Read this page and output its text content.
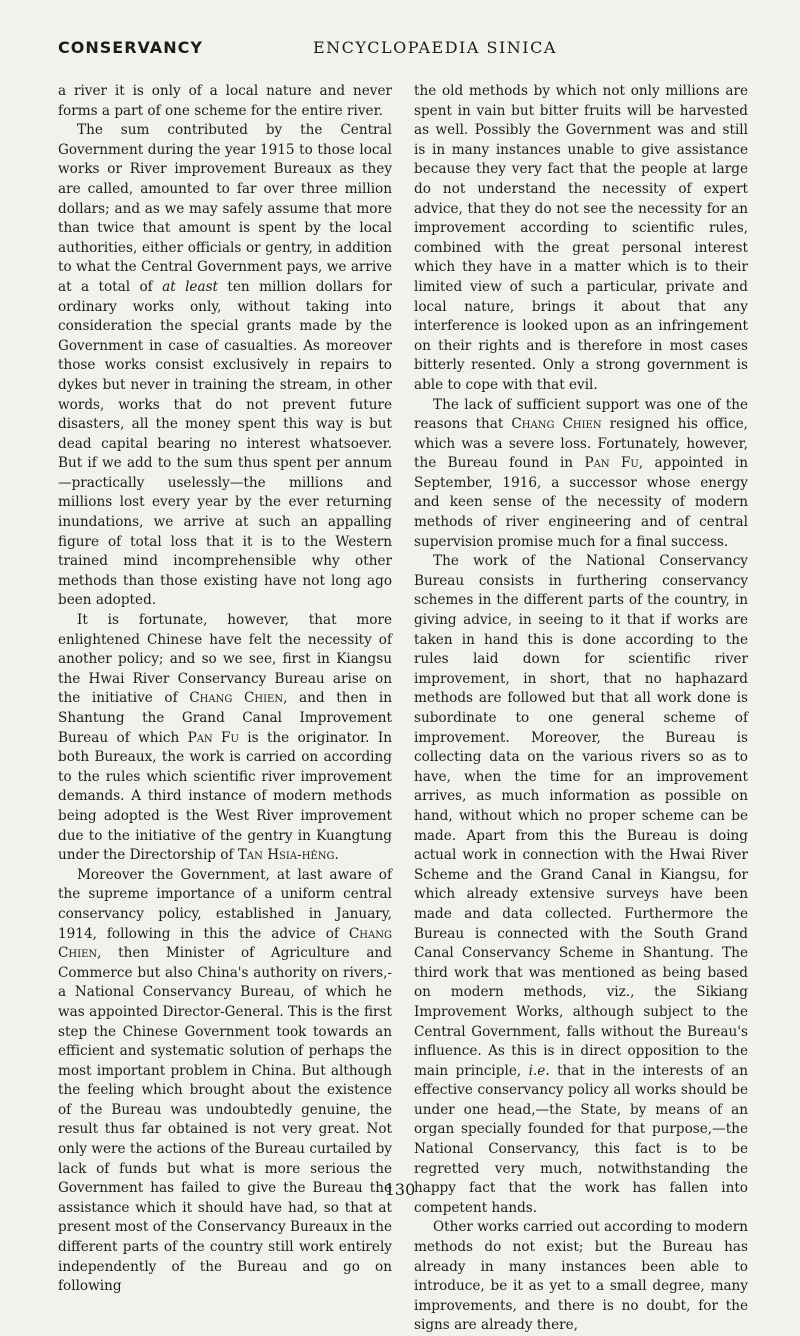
CONSERVANCY	ENCYCLOPAEDIA SINICA

a river it is only of a local nature and never forms a part of one scheme for the entire river.

The sum contributed by the Central Government during the year 1915 to those local works or River improvement Bureaux as they are called, amounted to far over three million dollars; and as we may safely assume that more than twice that amount is spent by the local authorities, either officials or gentry, in addition to what the Central Government pays, we arrive at a total of at least ten million dollars for ordinary works only, without taking into consideration the special grants made by the Government in case of casualties. As moreover those works consist exclusively in repairs to dykes but never in training the stream, in other words, works that do not prevent future disasters, all the money spent this way is but dead capital bearing no interest whatsoever. But if we add to the sum thus spent per annum—practically uselessly—the millions and millions lost every year by the ever returning inundations, we arrive at such an appalling figure of total loss that it is to the Western trained mind incomprehensible why other methods than those existing have not long ago been adopted.

It is fortunate, however, that more enlightened Chinese have felt the necessity of another policy; and so we see, first in Kiangsu the Hwai River Conservancy Bureau arise on the initiative of Chang Chien, and then in Shantung the Grand Canal Improvement Bureau of which Pan Fu is the originator. In both Bureaux, the work is carried on according to the rules which scientific river improvement demands. A third instance of modern methods being adopted is the West River improvement due to the initiative of the gentry in Kuangtung under the Directorship of Tan Hsia-hêng.

Moreover the Government, at last aware of the supreme importance of a uniform central conservancy policy, established in January, 1914, following in this the advice of Chang Chien, then Minister of Agriculture and Commerce but also China's authority on rivers,-a National Conservancy Bureau, of which he was appointed Director-General. This is the first step the Chinese Government took towards an efficient and systematic solution of perhaps the most important problem in China. But although the feeling which brought about the existence of the Bureau was undoubtedly genuine, the result thus far obtained is not very great. Not only were the actions of the Bureau curtailed by lack of funds but what is more serious the Government has failed to give the Bureau the assistance which it should have had, so that at present most of the Conservancy Bureaux in the different parts of the country still work entirely independently of the Bureau and go on following

the old methods by which not only millions are spent in vain but bitter fruits will be harvested as well. Possibly the Government was and still is in many instances unable to give assistance because they very fact that the people at large do not understand the necessity of expert advice, that they do not see the necessity for an improvement according to scientific rules, combined with the great personal interest which they have in a matter which is to their limited view of such a particular, private and local nature, brings it about that any interference is looked upon as an infringement on their rights and is therefore in most cases bitterly resented. Only a strong government is able to cope with that evil.

The lack of sufficient support was one of the reasons that Chang Chien resigned his office, which was a severe loss. Fortunately, however, the Bureau found in Pan Fu, appointed in September, 1916, a successor whose energy and keen sense of the necessity of modern methods of river engineering and of central supervision promise much for a final success.

The work of the National Conservancy Bureau consists in furthering conservancy schemes in the different parts of the country, in giving advice, in seeing to it that if works are taken in hand this is done according to the rules laid down for scientific river improvement, in short, that no haphazard methods are followed but that all work done is subordinate to one general scheme of improvement. Moreover, the Bureau is collecting data on the various rivers so as to have, when the time for an improvement arrives, as much information as possible on hand, without which no proper scheme can be made. Apart from this the Bureau is doing actual work in connection with the Hwai River Scheme and the Grand Canal in Kiangsu, for which already extensive surveys have been made and data collected. Furthermore the Bureau is connected with the South Grand Canal Conservancy Scheme in Shantung. The third work that was mentioned as being based on modern methods, viz., the Sikiang Improvement Works, although subject to the Central Government, falls without the Bureau's influence. As this is in direct opposition to the main principle, i.e. that in the interests of an effective conservancy policy all works should be under one head,—the State, by means of an organ specially founded for that purpose,—the National Conservancy, this fact is to be regretted very much, notwithstanding the happy fact that the work has fallen into competent hands.

Other works carried out according to modern methods do not exist; but the Bureau has already in many instances been able to introduce, be it as yet to a small degree, many improvements, and there is no doubt, for the signs are already there,

130
